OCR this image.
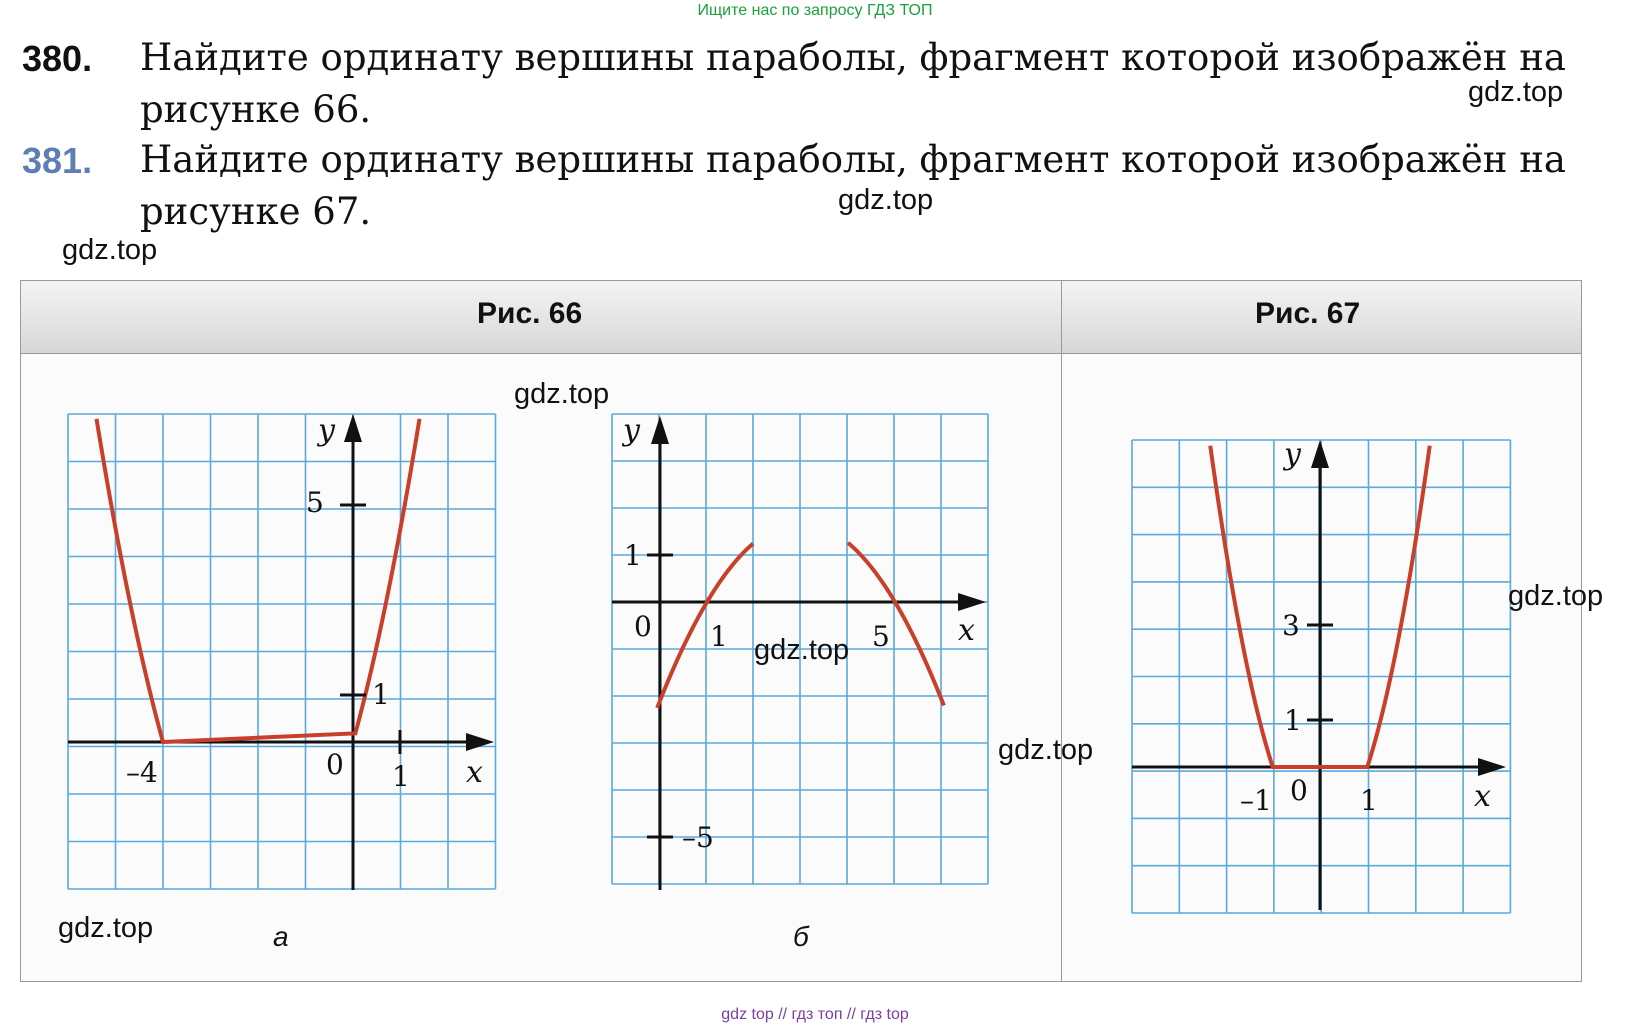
Ищите нас по запросу ГДЗ ТОП
380. Найдите ординату вершины параболы, фрагмент которой изображён на рисунке 66.
381. Найдите ординату вершины параболы, фрагмент которой изображён на рисунке 67.
Рис. 66	Рис. 67
а	б
y
x
0
5
1
–4	1
y
x
0
1
–5
1	5
y
x
0
3
1
–1	1
gdz.top
gdz.top
gdz.top
gdz.top
gdz.top
gdz.top
gdz.top
gdz.top
gdz top // гдз топ // гдз top
